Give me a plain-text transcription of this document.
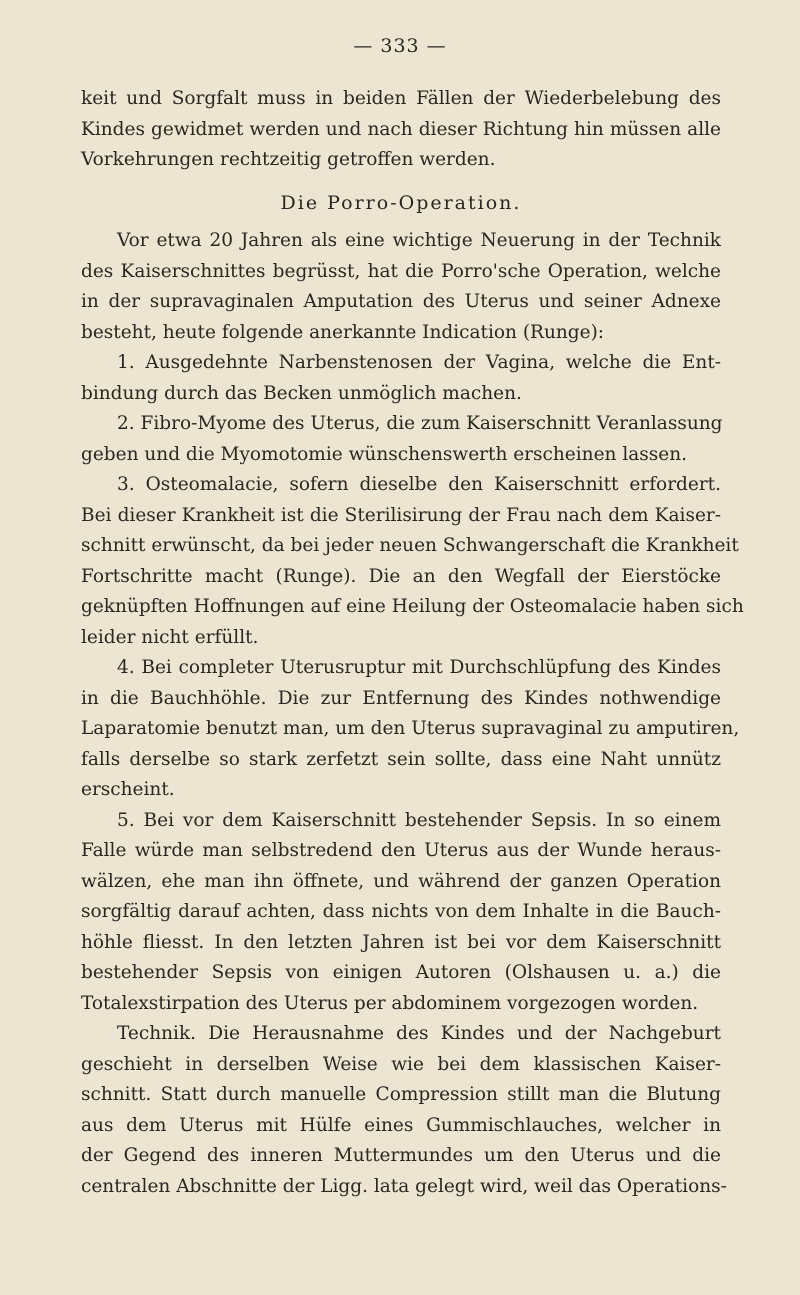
— 333 —
keit und Sorgfalt muss in beiden Fällen der Wiederbelebung des
Kindes gewidmet werden und nach dieser Richtung hin müssen alle
Vorkehrungen rechtzeitig getroffen werden.
Die Porro-Operation.
Vor etwa 20 Jahren als eine wichtige Neuerung in der Technik
des Kaiserschnittes begrüsst, hat die Porro'sche Operation, welche
in der supravaginalen Amputation des Uterus und seiner Adnexe
besteht, heute folgende anerkannte Indication (Runge):
1. Ausgedehnte Narbenstenosen der Vagina, welche die Ent-
bindung durch das Becken unmöglich machen.
2. Fibro-Myome des Uterus, die zum Kaiserschnitt Veranlassung
geben und die Myomotomie wünschenswerth erscheinen lassen.
3. Osteomalacie, sofern dieselbe den Kaiserschnitt erfordert.
Bei dieser Krankheit ist die Sterilisirung der Frau nach dem Kaiser-
schnitt erwünscht, da bei jeder neuen Schwangerschaft die Krankheit
Fortschritte macht (Runge). Die an den Wegfall der Eierstöcke
geknüpften Hoffnungen auf eine Heilung der Osteomalacie haben sich
leider nicht erfüllt.
4. Bei completer Uterusruptur mit Durchschlüpfung des Kindes
in die Bauchhöhle. Die zur Entfernung des Kindes nothwendige
Laparatomie benutzt man, um den Uterus supravaginal zu amputiren,
falls derselbe so stark zerfetzt sein sollte, dass eine Naht unnütz
erscheint.
5. Bei vor dem Kaiserschnitt bestehender Sepsis. In so einem
Falle würde man selbstredend den Uterus aus der Wunde heraus-
wälzen, ehe man ihn öffnete, und während der ganzen Operation
sorgfältig darauf achten, dass nichts von dem Inhalte in die Bauch-
höhle fliesst. In den letzten Jahren ist bei vor dem Kaiserschnitt
bestehender Sepsis von einigen Autoren (Olshausen u. a.) die
Totalexstirpation des Uterus per abdominem vorgezogen worden.
Technik. Die Herausnahme des Kindes und der Nachgeburt
geschieht in derselben Weise wie bei dem klassischen Kaiser-
schnitt. Statt durch manuelle Compression stillt man die Blutung
aus dem Uterus mit Hülfe eines Gummischlauches, welcher in
der Gegend des inneren Muttermundes um den Uterus und die
centralen Abschnitte der Ligg. lata gelegt wird, weil das Operations-
